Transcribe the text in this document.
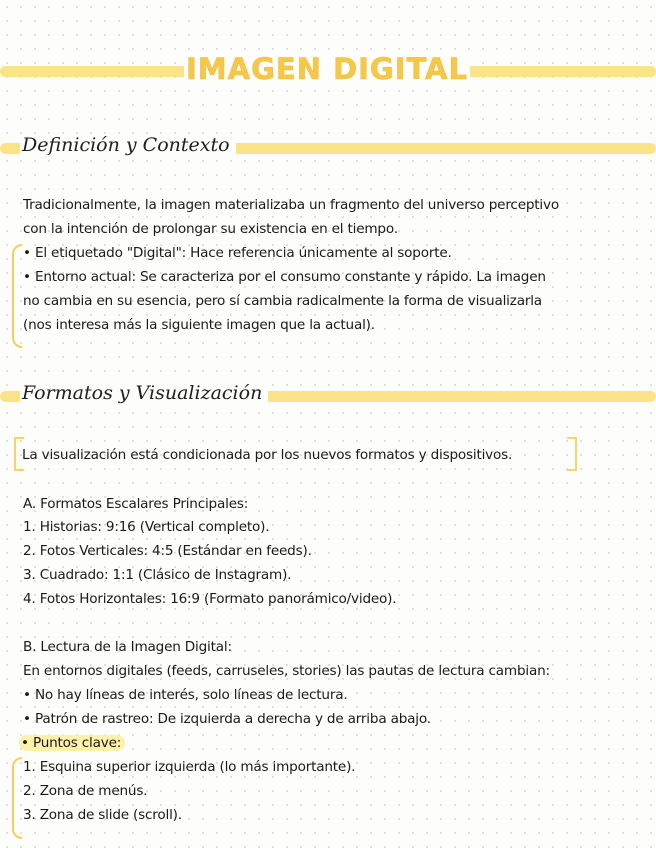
IMAGEN DIGITAL
Definición y Contexto
Tradicionalmente, la imagen materializaba un fragmento del universo perceptivo
con la intención de prolongar su existencia en el tiempo.
• El etiquetado "Digital": Hace referencia únicamente al soporte.
• Entorno actual: Se caracteriza por el consumo constante y rápido. La imagen
no cambia en su esencia, pero sí cambia radicalmente la forma de visualizarla
(nos interesa más la siguiente imagen que la actual).
Formatos y Visualización
La visualización está condicionada por los nuevos formatos y dispositivos.
A. Formatos Escalares Principales:
1. Historias: 9:16 (Vertical completo).
2. Fotos Verticales: 4:5 (Estándar en feeds).
3. Cuadrado: 1:1 (Clásico de Instagram).
4. Fotos Horizontales: 16:9 (Formato panorámico/video).
B. Lectura de la Imagen Digital:
En entornos digitales (feeds, carruseles, stories) las pautas de lectura cambian:
• No hay líneas de interés, solo líneas de lectura.
• Patrón de rastreo: De izquierda a derecha y de arriba abajo.
• Puntos clave:
1. Esquina superior izquierda (lo más importante).
2. Zona de menús.
3. Zona de slide (scroll).
